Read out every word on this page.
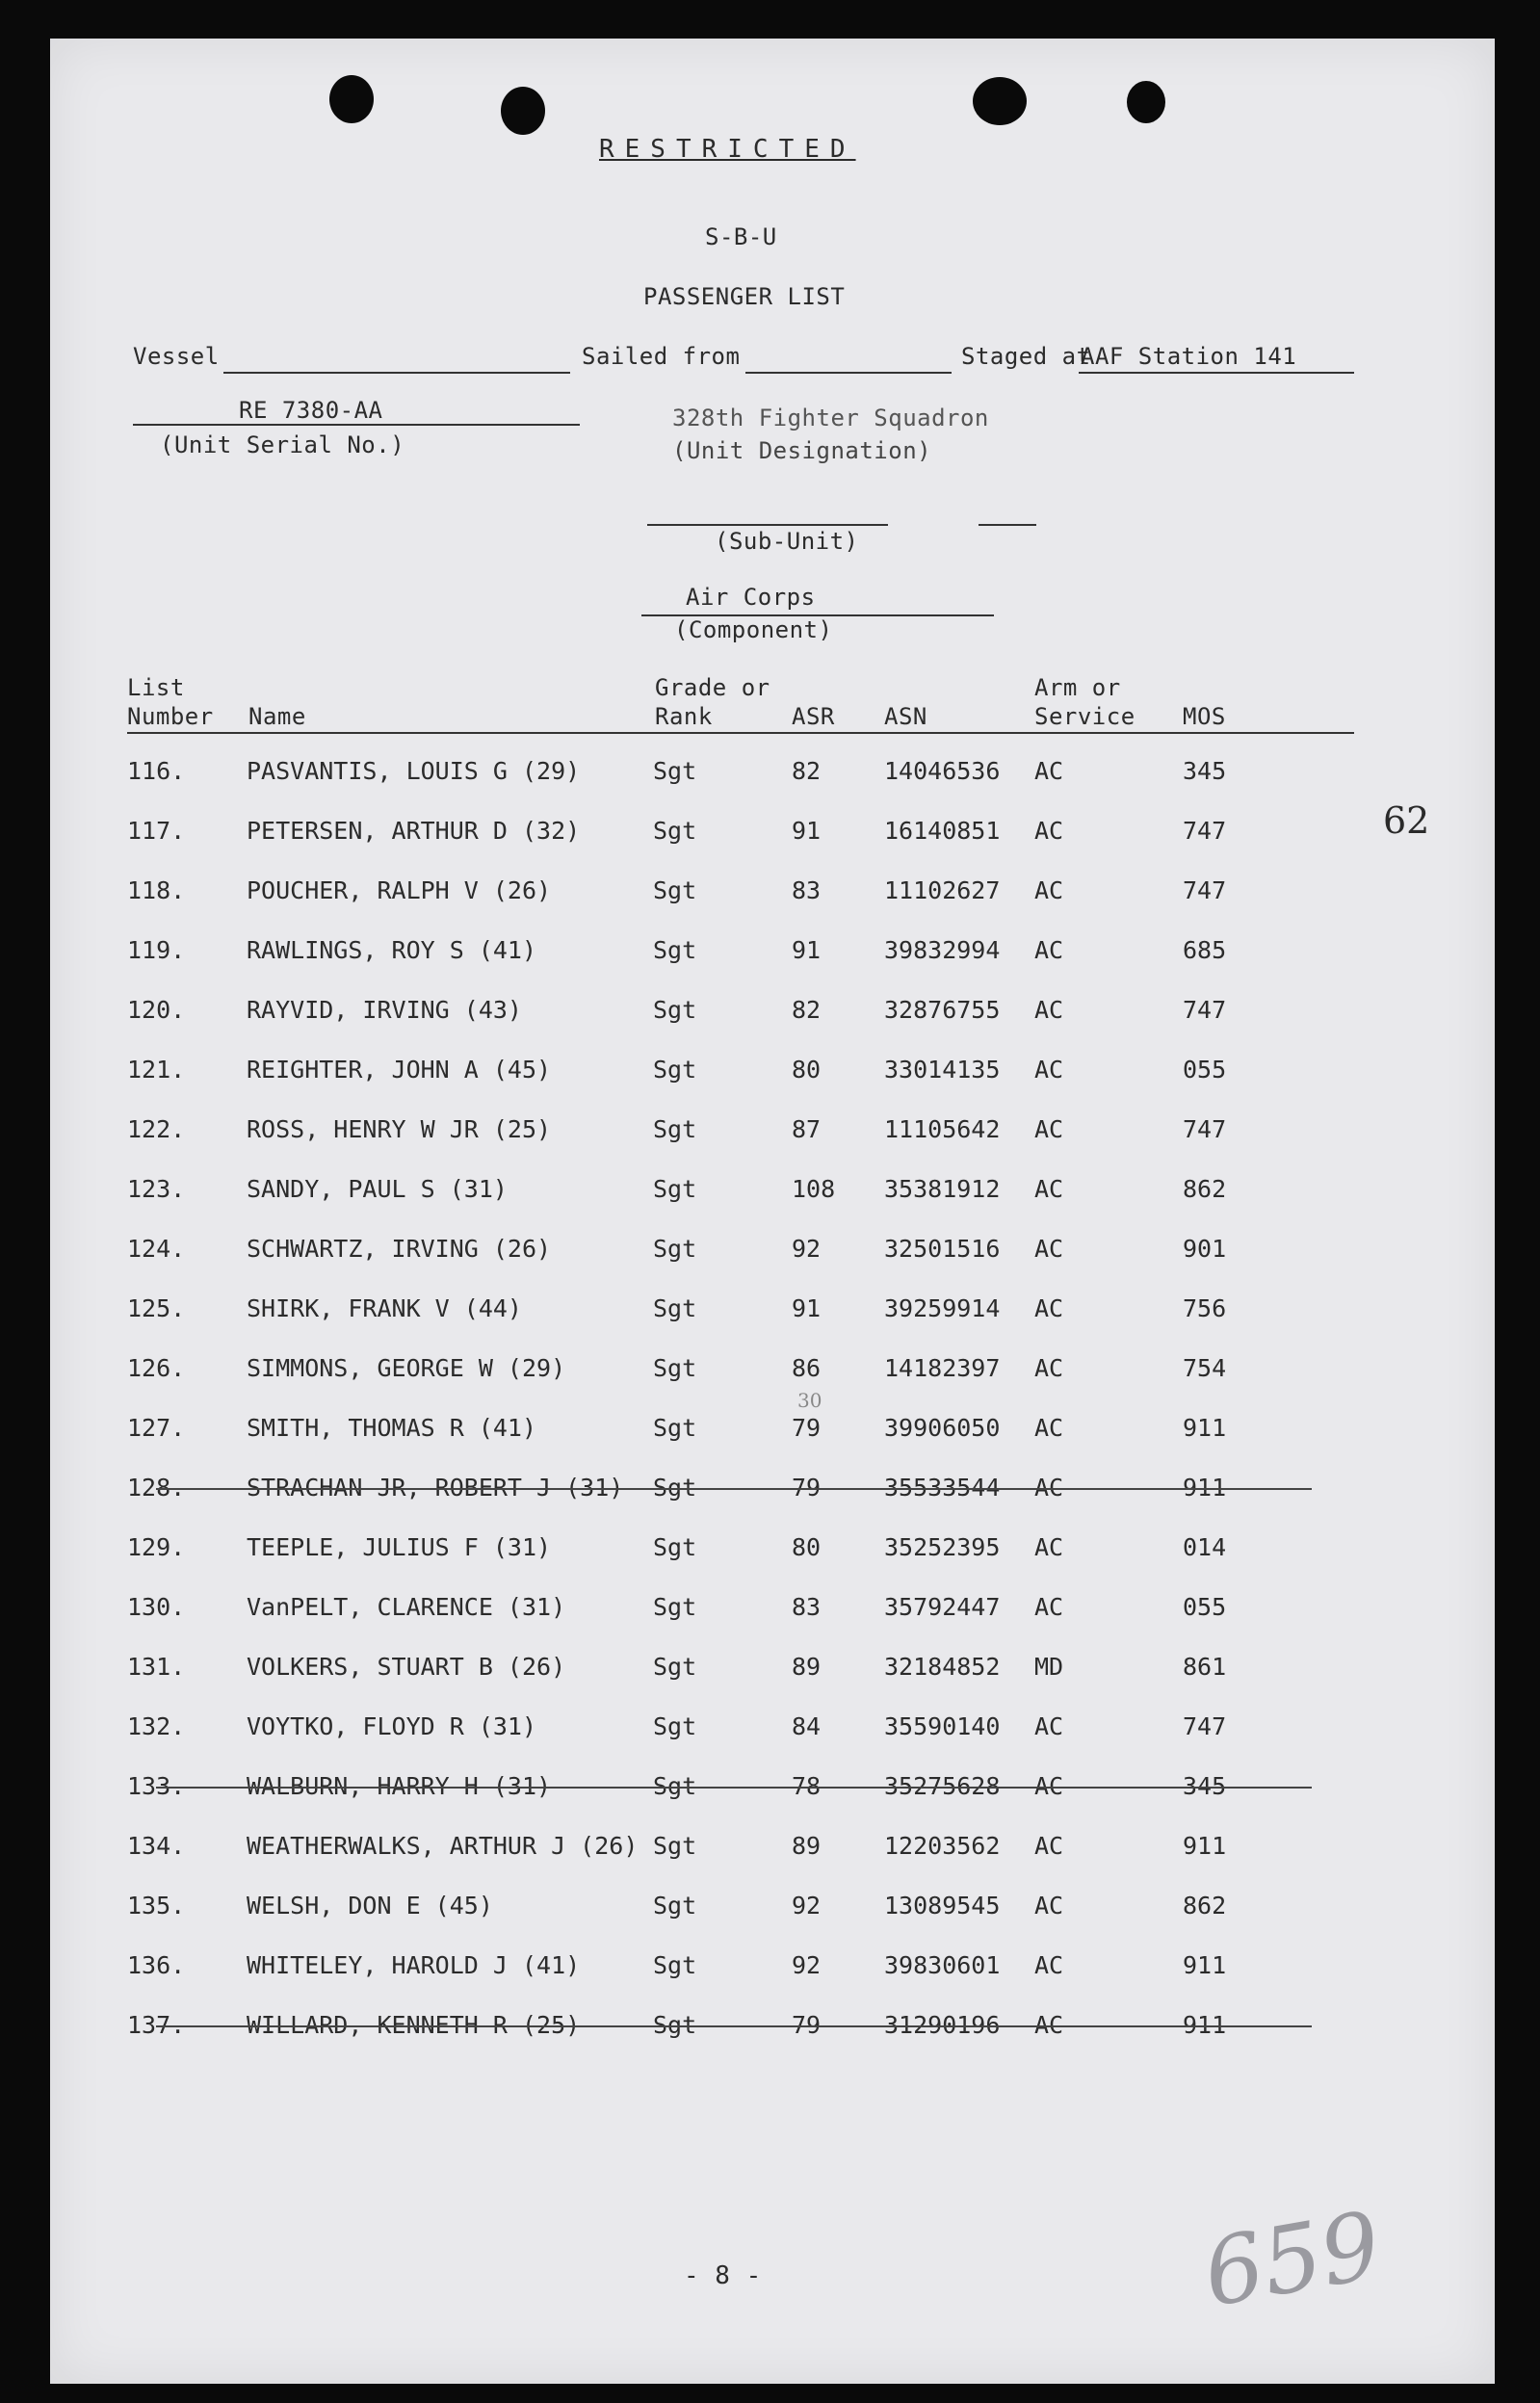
RESTRICTED
S-B-U
PASSENGER LIST
Vessel	Sailed from	Staged at
AAF Station 141
RE 7380-AA
(Unit Serial No.)
328th Fighter Squadron
(Unit Designation)
(Sub-Unit)
Air Corps
(Component)
List
Number Name
Grade or
Rank	ASR ASN
Arm or
Service MOS
116.	PASVANTIS, LOUIS G (29)	Sgt	82	14046536 AC	345
117.	PETERSEN, ARTHUR D (32)	Sgt	91	16140851 AC	747
118.	POUCHER, RALPH V (26)	Sgt	83	11102627 AC	747
119.	RAWLINGS, ROY S (41)	Sgt	91	39832994 AC	685
120.	RAYVID, IRVING (43)	Sgt	82	32876755 AC	747
121.	REIGHTER, JOHN A (45)	Sgt	80	33014135 AC	055
122.	ROSS, HENRY W JR (25)	Sgt	87	11105642 AC	747
123.	SANDY, PAUL S (31)	Sgt	108 35381912 AC	862
124.	SCHWARTZ, IRVING (26)	Sgt	92	32501516 AC	901
125.	SHIRK, FRANK V (44)	Sgt	91	39259914 AC	756
126.	SIMMONS, GEORGE W (29)	Sgt	86	14182397 AC	754
127.	SMITH, THOMAS R (41)	Sgt	79	39906050 AC	911
30
128.	STRACHAN JR, ROBERT J (31) Sgt	79	35533544 AC	911
129.	TEEPLE, JULIUS F (31)	Sgt	80	35252395 AC	014
130.	VanPELT, CLARENCE (31)	Sgt	83	35792447 AC	055
131.	VOLKERS, STUART B (26)	Sgt	89	32184852 MD	861
132.	VOYTKO, FLOYD R (31)	Sgt	84	35590140 AC	747
133.	WALBURN, HARRY H (31)	Sgt	78	35275628 AC	345
134.	WEATHERWALKS, ARTHUR J (26) Sgt	89	12203562 AC	911
135.	WELSH, DON E (45)	Sgt	92	13089545 AC	862
136.	WHITELEY, HAROLD J (41)	Sgt	92	39830601 AC	911
137.	WILLARD, KENNETH R (25)	Sgt	79	31290196 AC	911
62
- 8 -	659
